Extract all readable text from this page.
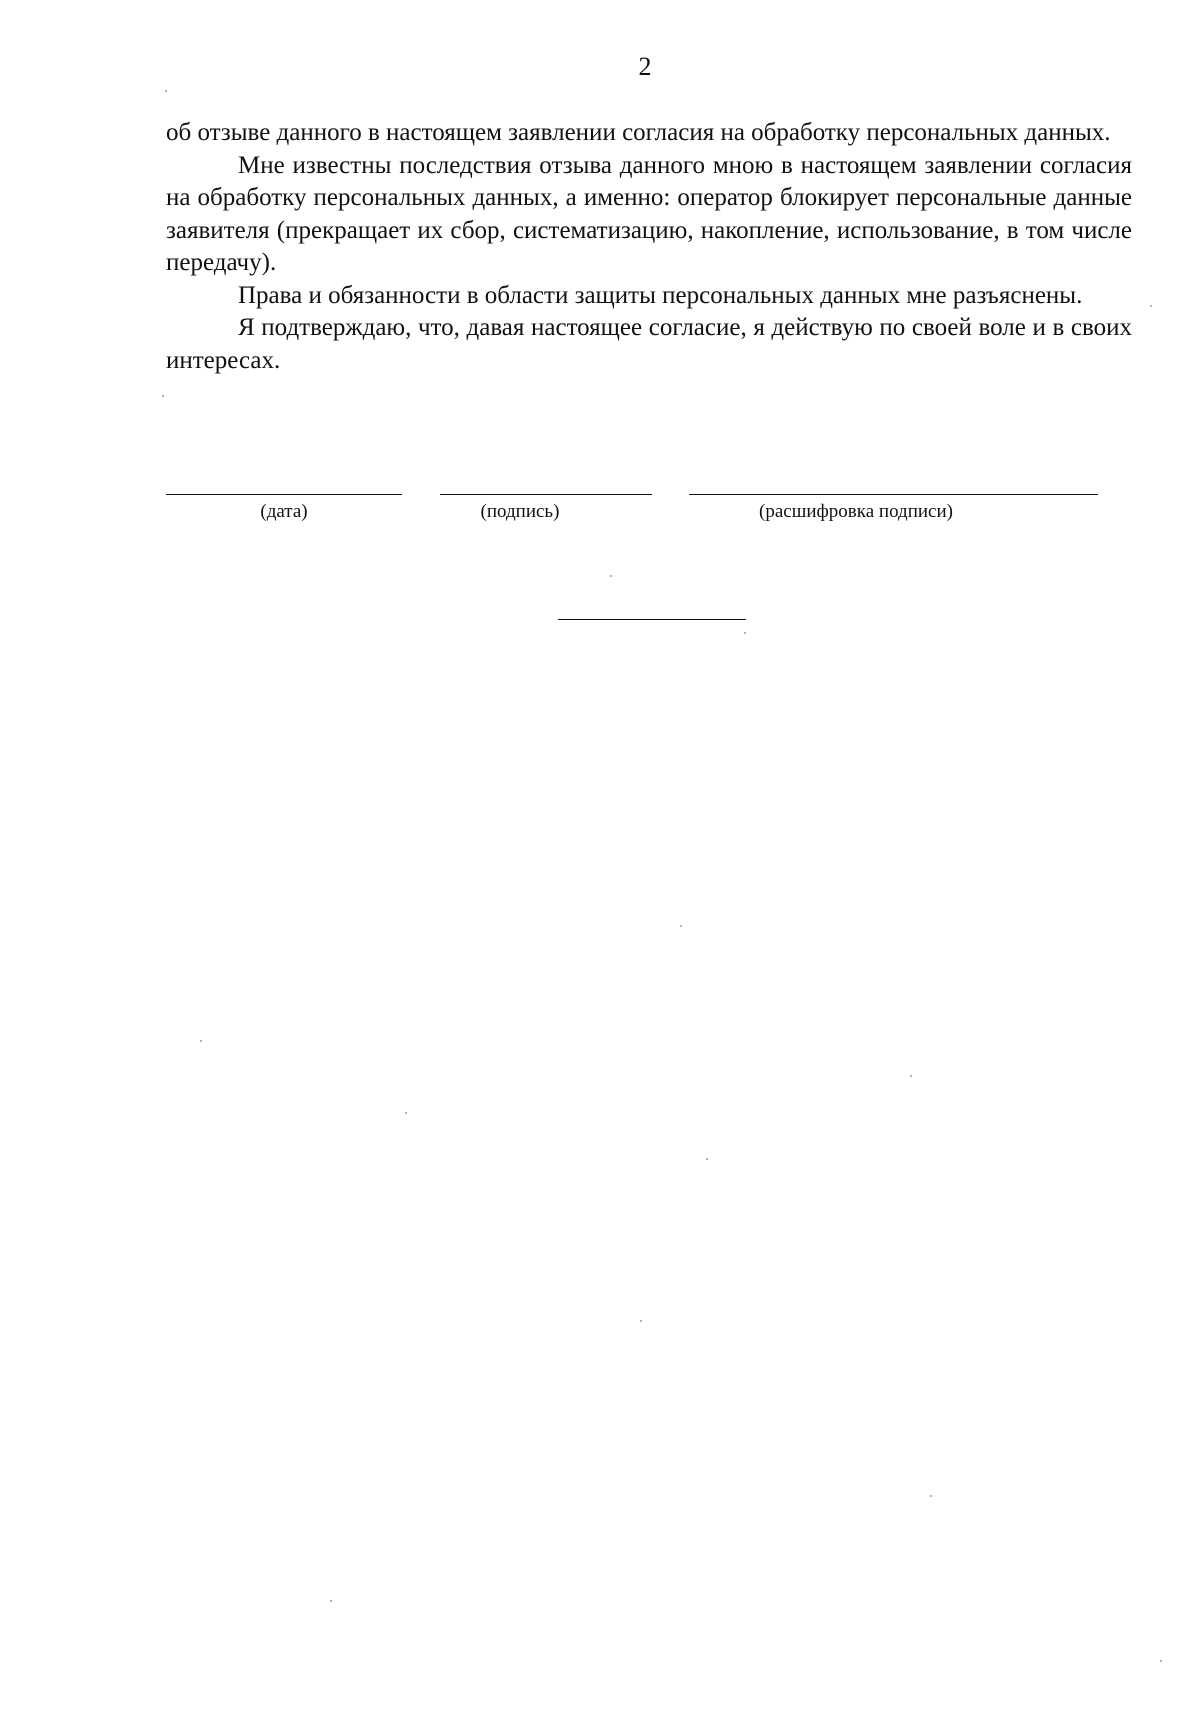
2

об отзыве данного в настоящем заявлении согласия на обработку персональных данных.

Мне известны последствия отзыва данного мною в настоящем заявлении согласия на обработку персональных данных, а именно: оператор блокирует персональные данные заявителя (прекращает их сбор, систематизацию, накопление, использование, в том числе передачу).

Права и обязанности в области защиты персональных данных мне разъяснены.

Я подтверждаю, что, давая настоящее согласие, я действую по своей воле и в своих интересах.

(дата)	(подпись)	(расшифровка подписи)
